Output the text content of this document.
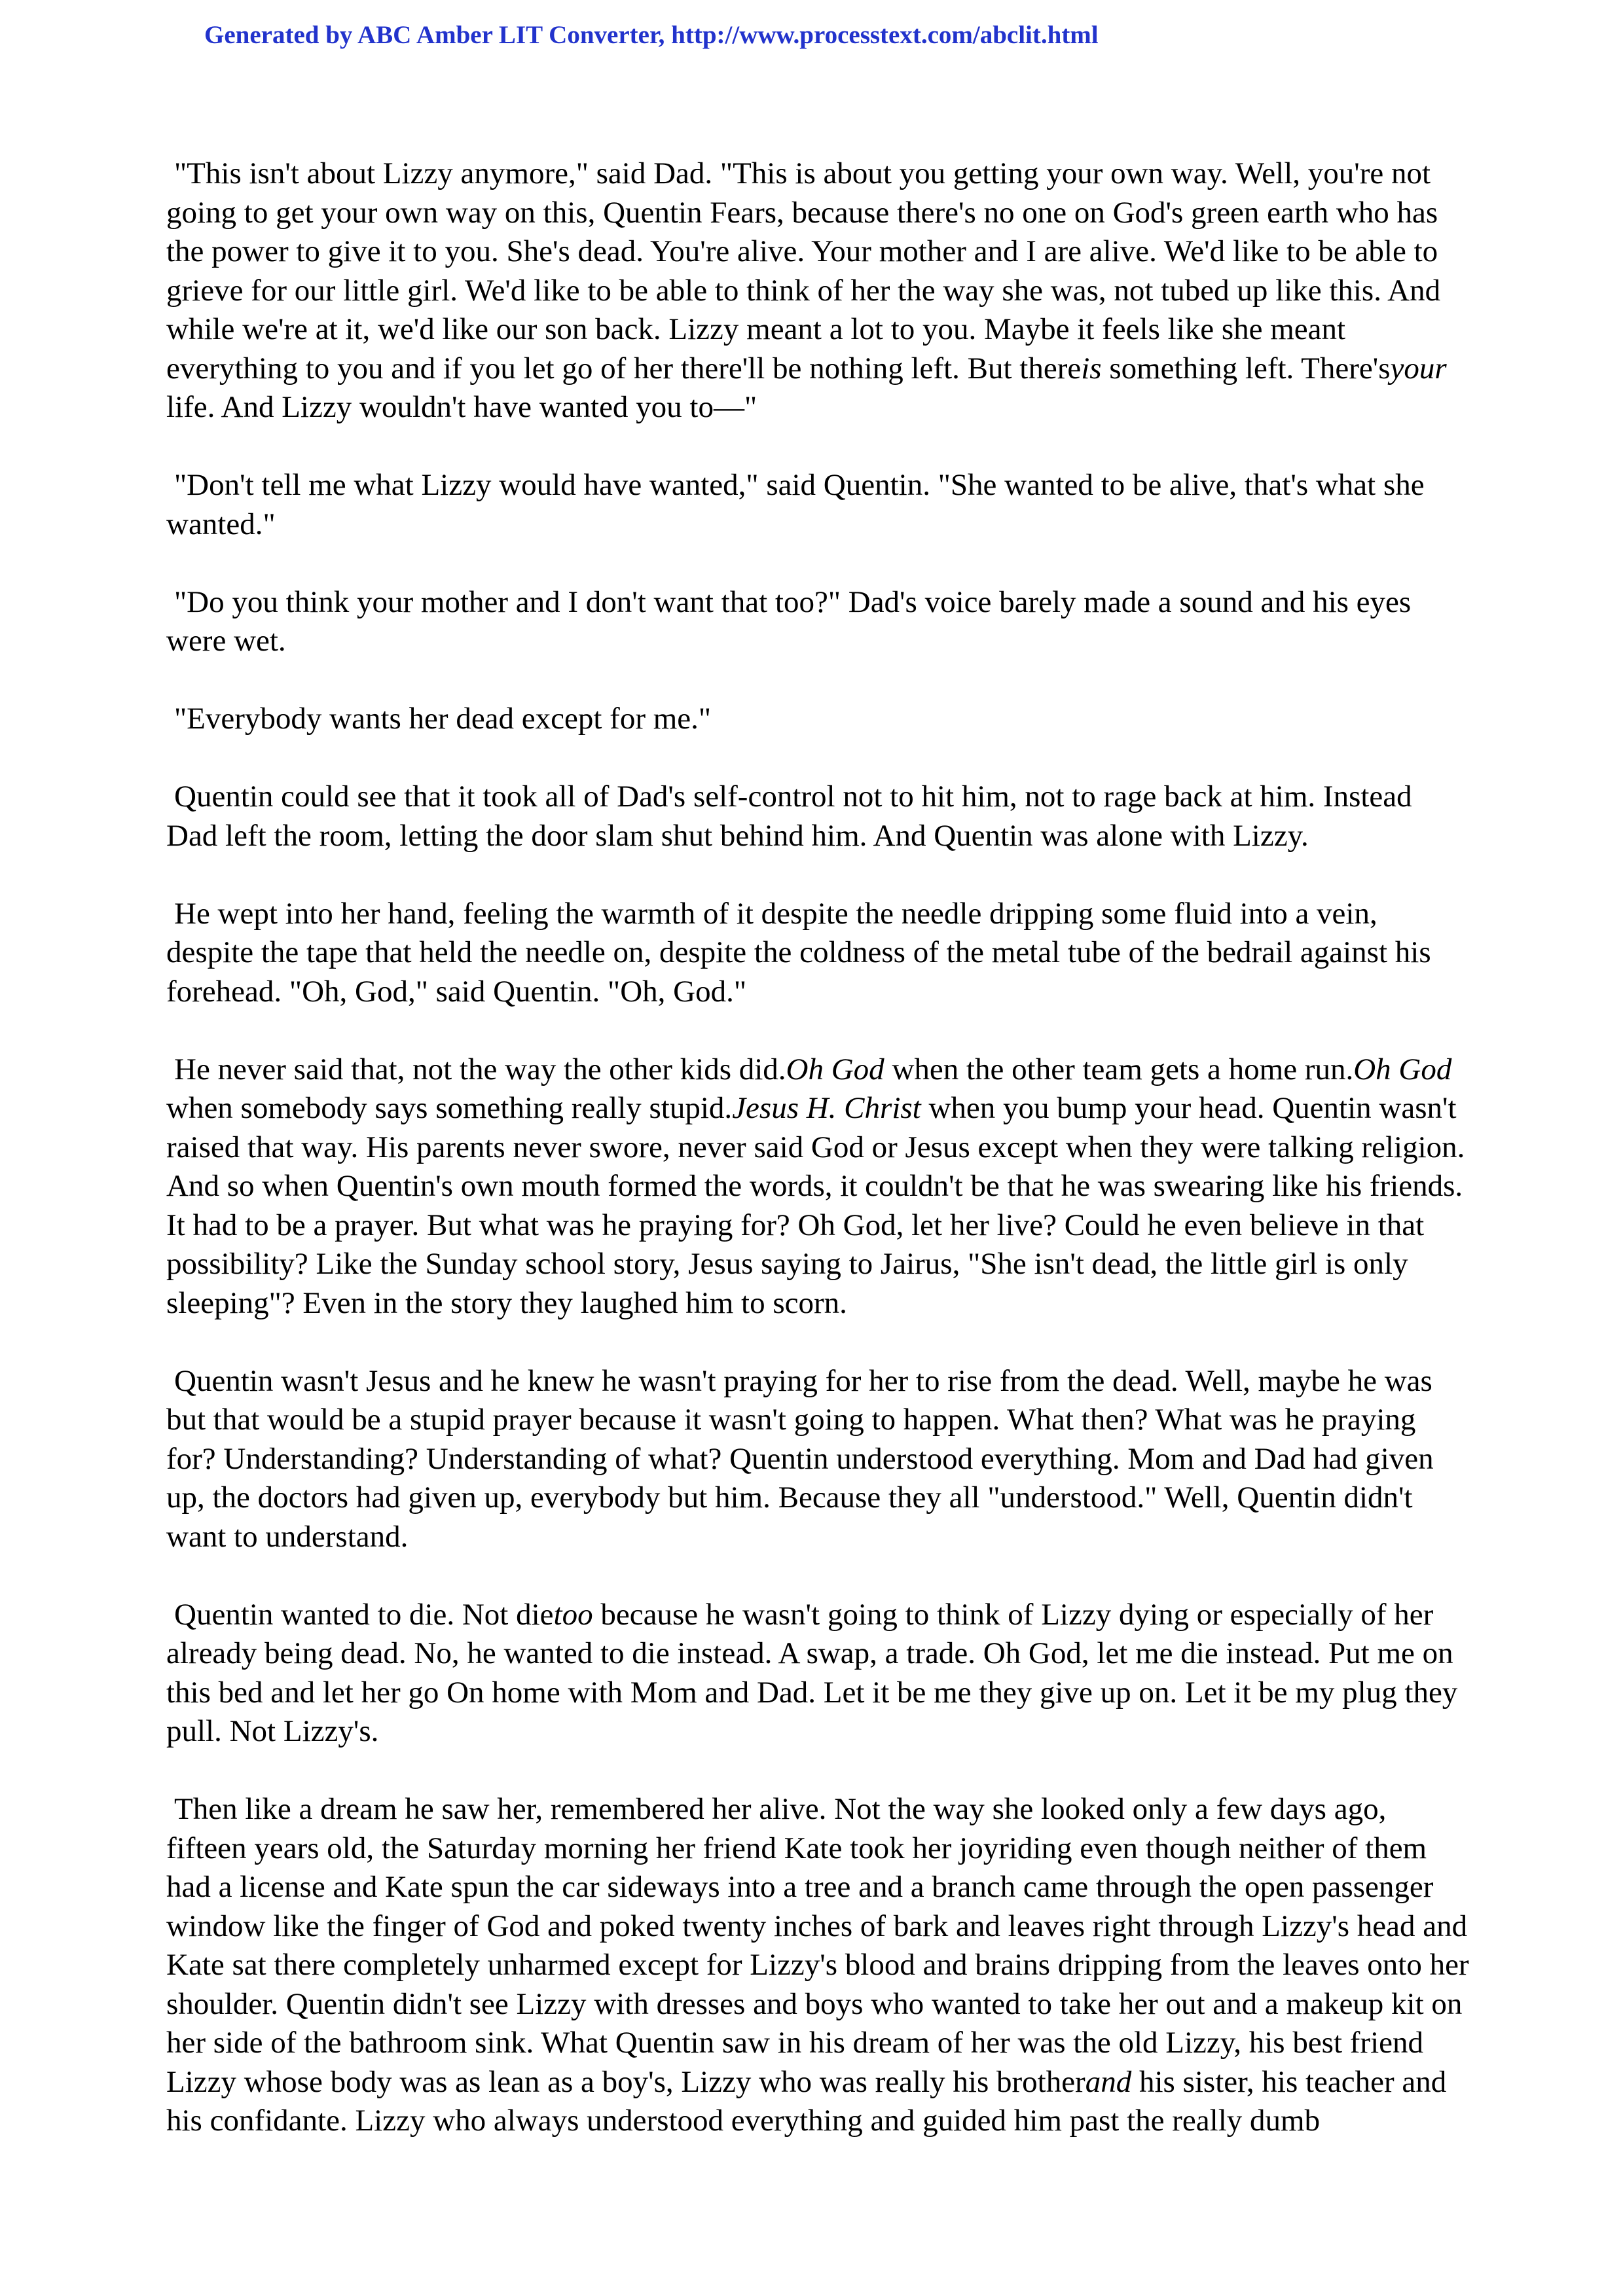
Generated by ABC Amber LIT Converter, http://www.processtext.com/abclit.html

"This isn't about Lizzy anymore," said Dad. "This is about you getting your own way. Well, you're not going to get your own way on this, Quentin Fears, because there's no one on God's green earth who has the power to give it to you. She's dead. You're alive. Your mother and I are alive. We'd like to be able to grieve for our little girl. We'd like to be able to think of her the way she was, not tubed up like this. And while we're at it, we'd like our son back. Lizzy meant a lot to you. Maybe it feels like she meant everything to you and if you let go of her there'll be nothing left. But thereis something left. There'syour life. And Lizzy wouldn't have wanted you to—"

"Don't tell me what Lizzy would have wanted," said Quentin. "She wanted to be alive, that's what she wanted."

"Do you think your mother and I don't want that too?" Dad's voice barely made a sound and his eyes were wet.

"Everybody wants her dead except for me."

Quentin could see that it took all of Dad's self-control not to hit him, not to rage back at him. Instead Dad left the room, letting the door slam shut behind him. And Quentin was alone with Lizzy.

He wept into her hand, feeling the warmth of it despite the needle dripping some fluid into a vein, despite the tape that held the needle on, despite the coldness of the metal tube of the bedrail against his forehead. "Oh, God," said Quentin. "Oh, God."

He never said that, not the way the other kids did.Oh God when the other team gets a home run.Oh God when somebody says something really stupid.Jesus H. Christ when you bump your head. Quentin wasn't raised that way. His parents never swore, never said God or Jesus except when they were talking religion. And so when Quentin's own mouth formed the words, it couldn't be that he was swearing like his friends. It had to be a prayer. But what was he praying for? Oh God, let her live? Could he even believe in that possibility? Like the Sunday school story, Jesus saying to Jairus, "She isn't dead, the little girl is only sleeping"? Even in the story they laughed him to scorn.

Quentin wasn't Jesus and he knew he wasn't praying for her to rise from the dead. Well, maybe he was but that would be a stupid prayer because it wasn't going to happen. What then? What was he praying for? Understanding? Understanding of what? Quentin understood everything. Mom and Dad had given up, the doctors had given up, everybody but him. Because they all "understood." Well, Quentin didn't want to understand.

Quentin wanted to die. Not dietoo because he wasn't going to think of Lizzy dying or especially of her already being dead. No, he wanted to die instead. A swap, a trade. Oh God, let me die instead. Put me on this bed and let her go On home with Mom and Dad. Let it be me they give up on. Let it be my plug they pull. Not Lizzy's.

Then like a dream he saw her, remembered her alive. Not the way she looked only a few days ago, fifteen years old, the Saturday morning her friend Kate took her joyriding even though neither of them had a license and Kate spun the car sideways into a tree and a branch came through the open passenger window like the finger of God and poked twenty inches of bark and leaves right through Lizzy's head and Kate sat there completely unharmed except for Lizzy's blood and brains dripping from the leaves onto her shoulder. Quentin didn't see Lizzy with dresses and boys who wanted to take her out and a makeup kit on her side of the bathroom sink. What Quentin saw in his dream of her was the old Lizzy, his best friend Lizzy whose body was as lean as a boy's, Lizzy who was really his brotherand his sister, his teacher and his confidante. Lizzy who always understood everything and guided him past the really dumb
